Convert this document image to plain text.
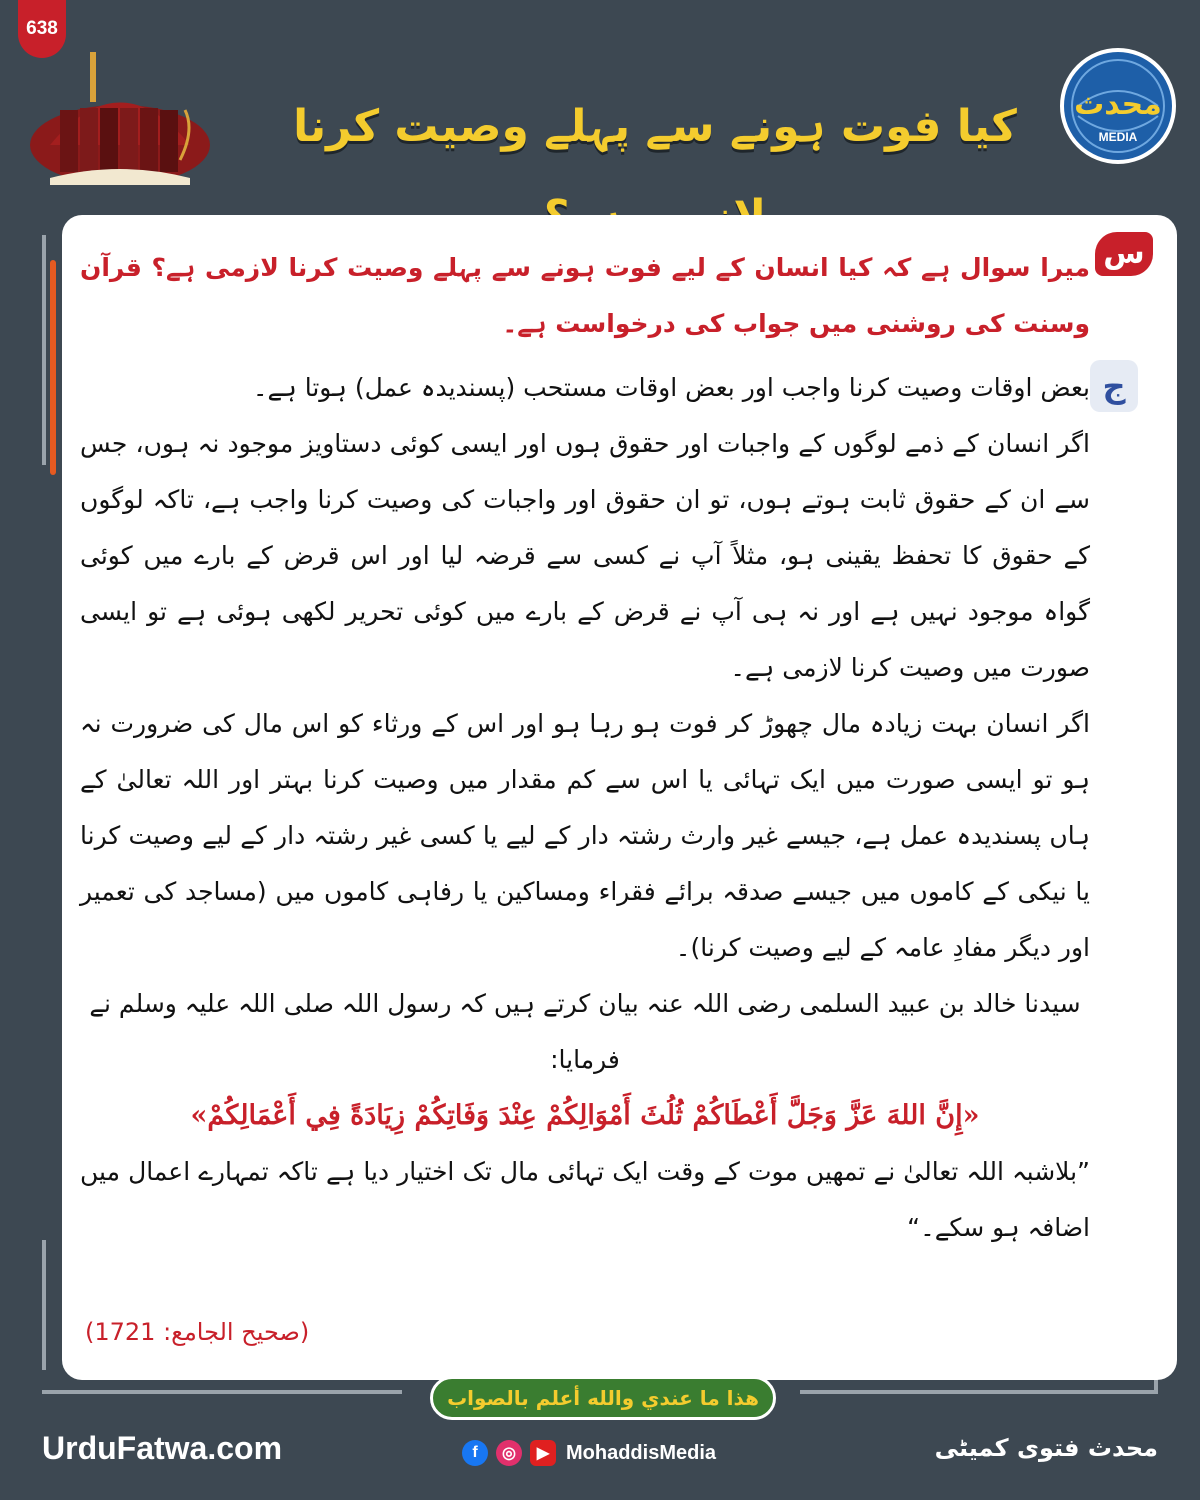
638
کیا فوت ہونے سے پہلے وصیت کرنا	محدث
MEDIA
س
ج

میرا سوال ہے کہ کیا انسان کے لیے فوت ہونے سے پہلے وصیت کرنا لازمی ہے؟ قرآن وسنت کی روشنی میں جواب کی درخواست ہے۔

بعض اوقات وصیت کرنا واجب اور بعض اوقات مستحب (پسندیدہ عمل) ہوتا ہے۔

اگر انسان کے ذمے لوگوں کے واجبات اور حقوق ہوں اور ایسی کوئی دستاویز موجود نہ ہوں، جس سے ان کے حقوق ثابت ہوتے ہوں، تو ان حقوق اور واجبات کی وصیت کرنا واجب ہے، تاکہ لوگوں کے حقوق کا تحفظ یقینی ہو، مثلاً آپ نے کسی سے قرضہ لیا اور اس قرض کے بارے میں کوئی گواہ موجود نہیں ہے اور نہ ہی آپ نے قرض کے بارے میں کوئی تحریر لکھی ہوئی ہے تو ایسی صورت میں وصیت کرنا لازمی ہے۔

اگر انسان بہت زیادہ مال چھوڑ کر فوت ہو رہا ہو اور اس کے ورثاء کو اس مال کی ضرورت نہ ہو تو ایسی صورت میں ایک تہائی یا اس سے کم مقدار میں وصیت کرنا بہتر اور اللہ تعالیٰ کے ہاں پسندیدہ عمل ہے، جیسے غیر وارث رشتہ دار کے لیے یا کسی غیر رشتہ دار کے لیے وصیت کرنا یا نیکی کے کاموں میں جیسے صدقہ برائے فقراء ومساکین یا رفاہی کاموں میں (مساجد کی تعمیر اور دیگر مفادِ عامہ کے لیے وصیت کرنا)۔

سیدنا خالد بن عبید السلمی رضی اللہ عنہ بیان کرتے ہیں کہ رسول اللہ صلی اللہ علیہ وسلم نے فرمایا:

«إِنَّ اللهَ عَزَّ وَجَلَّ أَعْطَاكُمْ ثُلُثَ أَمْوَالِكُمْ عِنْدَ وَفَاتِكُمْ زِيَادَةً فِي أَعْمَالِكُمْ»

”بلاشبہ اللہ تعالیٰ نے تمھیں موت کے وقت ایک تہائی مال تک اختیار دیا ہے تاکہ تمہارے اعمال میں اضافہ ہو سکے۔“

(صحيح الجامع: 1721)
هذا ما عندي والله أعلم بالصواب
UrduFatwa.com	f	◎	▶ MohaddisMedia	محدث فتوی کمیٹی
